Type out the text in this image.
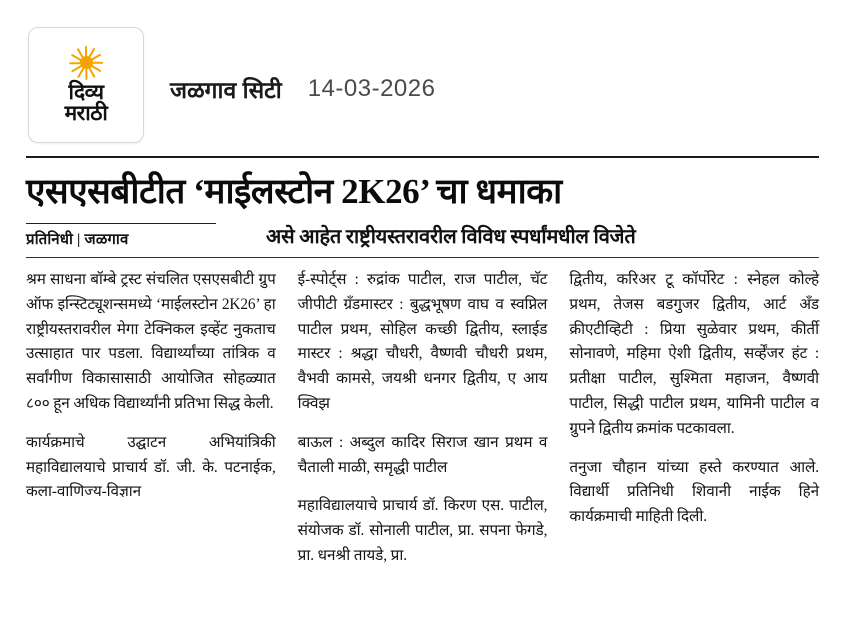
दिव्य
मराठी
जळगाव सिटी 14-03-2026
एसएसबीटीत ‘माईलस्टोन 2K26’ चा धमाका
प्रतिनिधी | जळगाव	असे आहेत राष्ट्रीयस्तरावरील विविध स्पर्धांमधील विजेते

श्रम साधना बॉम्बे ट्रस्ट संचलित एसएसबीटी ग्रुप ऑफ इन्स्टिट्यूशन्समध्ये ‘माईलस्टोन 2K26’ हा राष्ट्रीयस्तरावरील मेगा टेक्निकल इव्हेंट नुकताच उत्साहात पार पडला. विद्यार्थ्यांच्या तांत्रिक व सर्वांगीण विकासासाठी आयोजित सोहळ्यात ८०० हून अधिक विद्यार्थ्यांनी प्रतिभा सिद्ध केली.

कार्यक्रमाचे उद्घाटन अभियांत्रिकी महाविद्यालयाचे प्राचार्य डॉ. जी. के. पटनाईक, कला-वाणिज्य-विज्ञान

ई-स्पोर्ट्स : रुद्रांक पाटील, राज पाटील, चॅट जीपीटी ग्रँडमास्टर : बुद्धभूषण वाघ व स्वप्निल पाटील प्रथम, सोहिल कच्छी द्वितीय, स्लाईड मास्टर : श्रद्धा चौधरी, वैष्णवी चौधरी प्रथम, वैभवी कामसे, जयश्री धनगर द्वितीय, ए आय क्विझ

बाऊल : अब्दुल कादिर सिराज खान प्रथम व चैताली माळी, समृद्धी पाटील

महाविद्यालयाचे प्राचार्य डॉ. किरण एस. पाटील, संयोजक डॉ. सोनाली पाटील, प्रा. सपना फेगडे, प्रा. धनश्री तायडे, प्रा.

द्वितीय, करिअर टू कॉर्पोरेट : स्नेहल कोल्हे प्रथम, तेजस बडगुजर द्वितीय, आर्ट अँड क्रीएटीव्हिटी : प्रिया सुळेवार प्रथम, कीर्ती सोनावणे, महिमा ऐशी द्वितीय, सर्व्हेंजर हंट : प्रतीक्षा पाटील, सुश्मिता महाजन, वैष्णवी पाटील, सिद्धी पाटील प्रथम, यामिनी पाटील व ग्रुपने द्वितीय क्रमांक पटकावला.

तनुजा चौहान यांच्या हस्ते करण्यात आले. विद्यार्थी प्रतिनिधी शिवानी नाईक हिने कार्यक्रमाची माहिती दिली.
